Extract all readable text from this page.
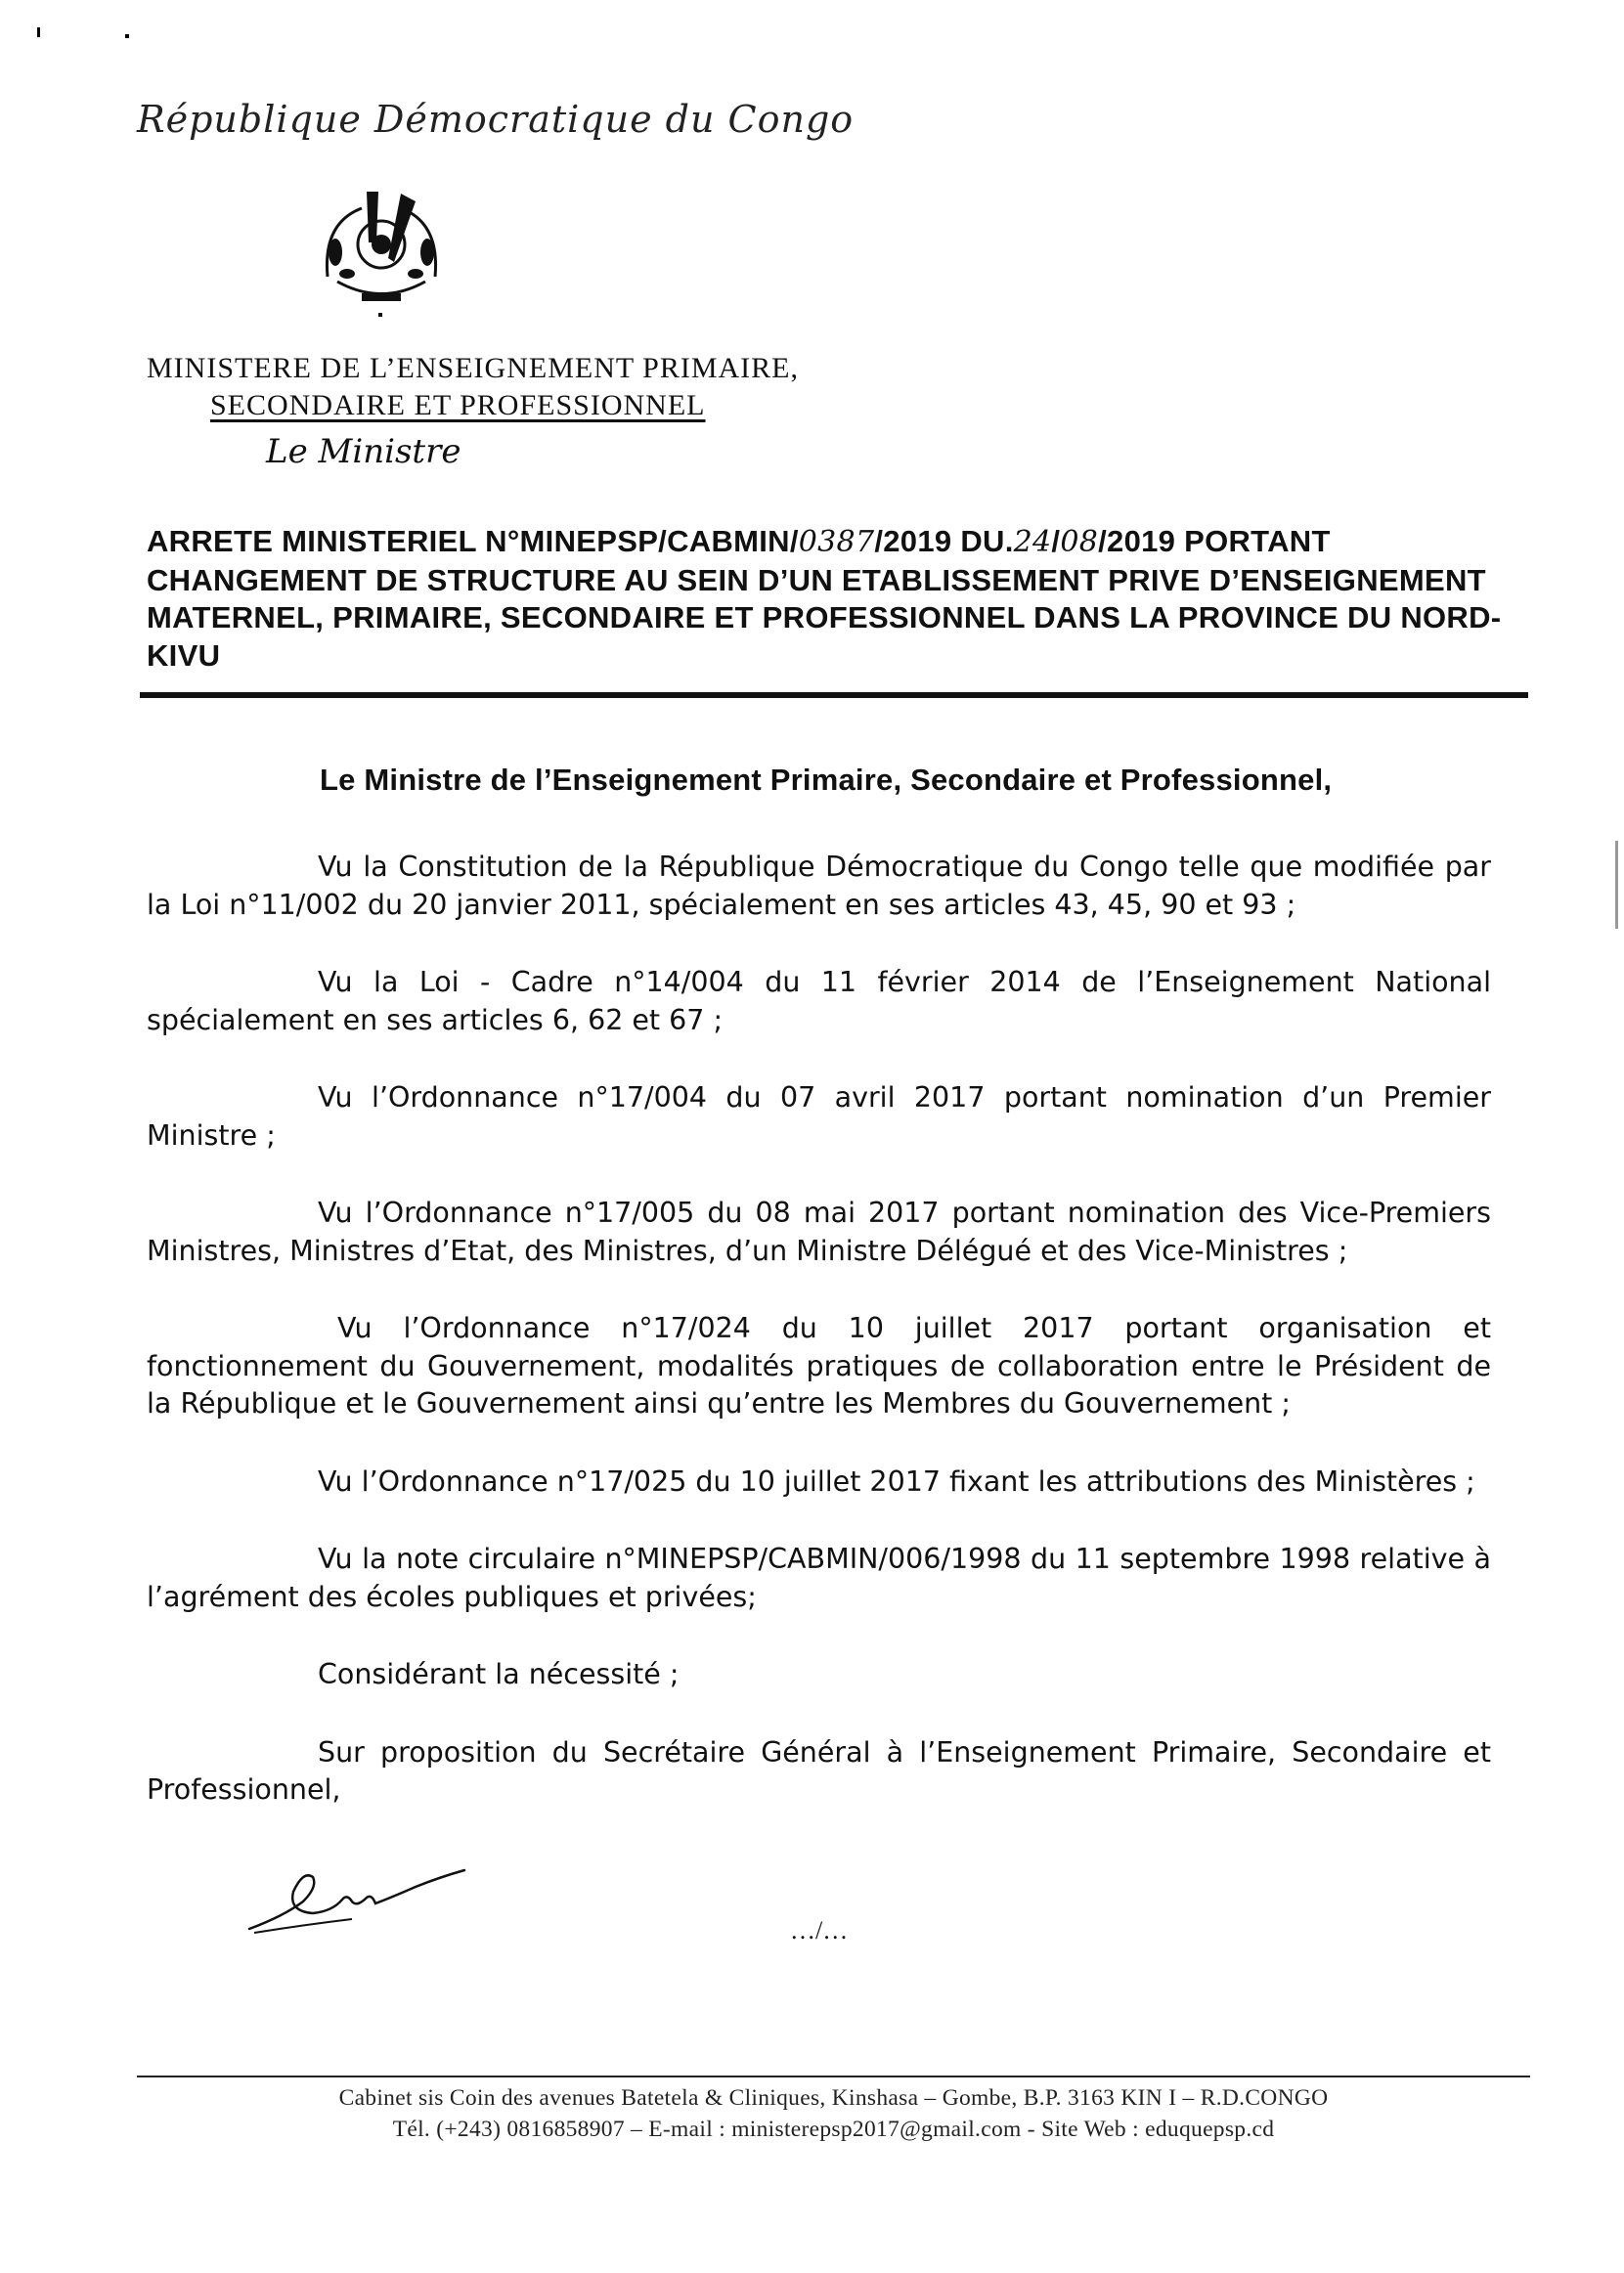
République Démocratique du Congo
MINISTERE DE L’ENSEIGNEMENT PRIMAIRE,
SECONDAIRE ET PROFESSIONNEL
Le Ministre
ARRETE MINISTERIEL N°MINEPSP/CABMIN/0387/2019 DU.24/08/2019 PORTANT CHANGEMENT DE STRUCTURE AU SEIN D’UN ETABLISSEMENT PRIVE D’ENSEIGNEMENT MATERNEL, PRIMAIRE, SECONDAIRE ET PROFESSIONNEL DANS LA PROVINCE DU NORD-KIVU
Le Ministre de l’Enseignement Primaire, Secondaire et Professionnel,

Vu la Constitution de la République Démocratique du Congo telle que modifiée par la Loi n°11/002 du 20 janvier 2011, spécialement en ses articles 43, 45, 90 et 93 ;

Vu la Loi - Cadre n°14/004 du 11 février 2014 de l’Enseignement National spécialement en ses articles 6, 62 et 67 ;

Vu l’Ordonnance n°17/004 du 07 avril 2017 portant nomination d’un Premier Ministre ;

Vu l’Ordonnance n°17/005 du 08 mai 2017 portant nomination des Vice-Premiers Ministres, Ministres d’Etat, des Ministres, d’un Ministre Délégué et des Vice-Ministres ;

Vu l’Ordonnance n°17/024 du 10 juillet 2017 portant organisation et fonctionnement du Gouvernement, modalités pratiques de collaboration entre le Président de la République et le Gouvernement ainsi qu’entre les Membres du Gouvernement ;

Vu l’Ordonnance n°17/025 du 10 juillet 2017 fixant les attributions des Ministères ;

Vu la note circulaire n°MINEPSP/CABMIN/006/1998 du 11 septembre 1998 relative à l’agrément des écoles publiques et privées;

Considérant la nécessité ;

Sur proposition du Secrétaire Général à l’Enseignement Primaire, Secondaire et Professionnel,

…/…
Cabinet sis Coin des avenues Batetela & Cliniques, Kinshasa – Gombe, B.P. 3163 KIN I – R.D.CONGO
Tél. (+243) 0816858907 – E-mail : ministerepsp2017@gmail.com - Site Web : eduquepsp.cd
